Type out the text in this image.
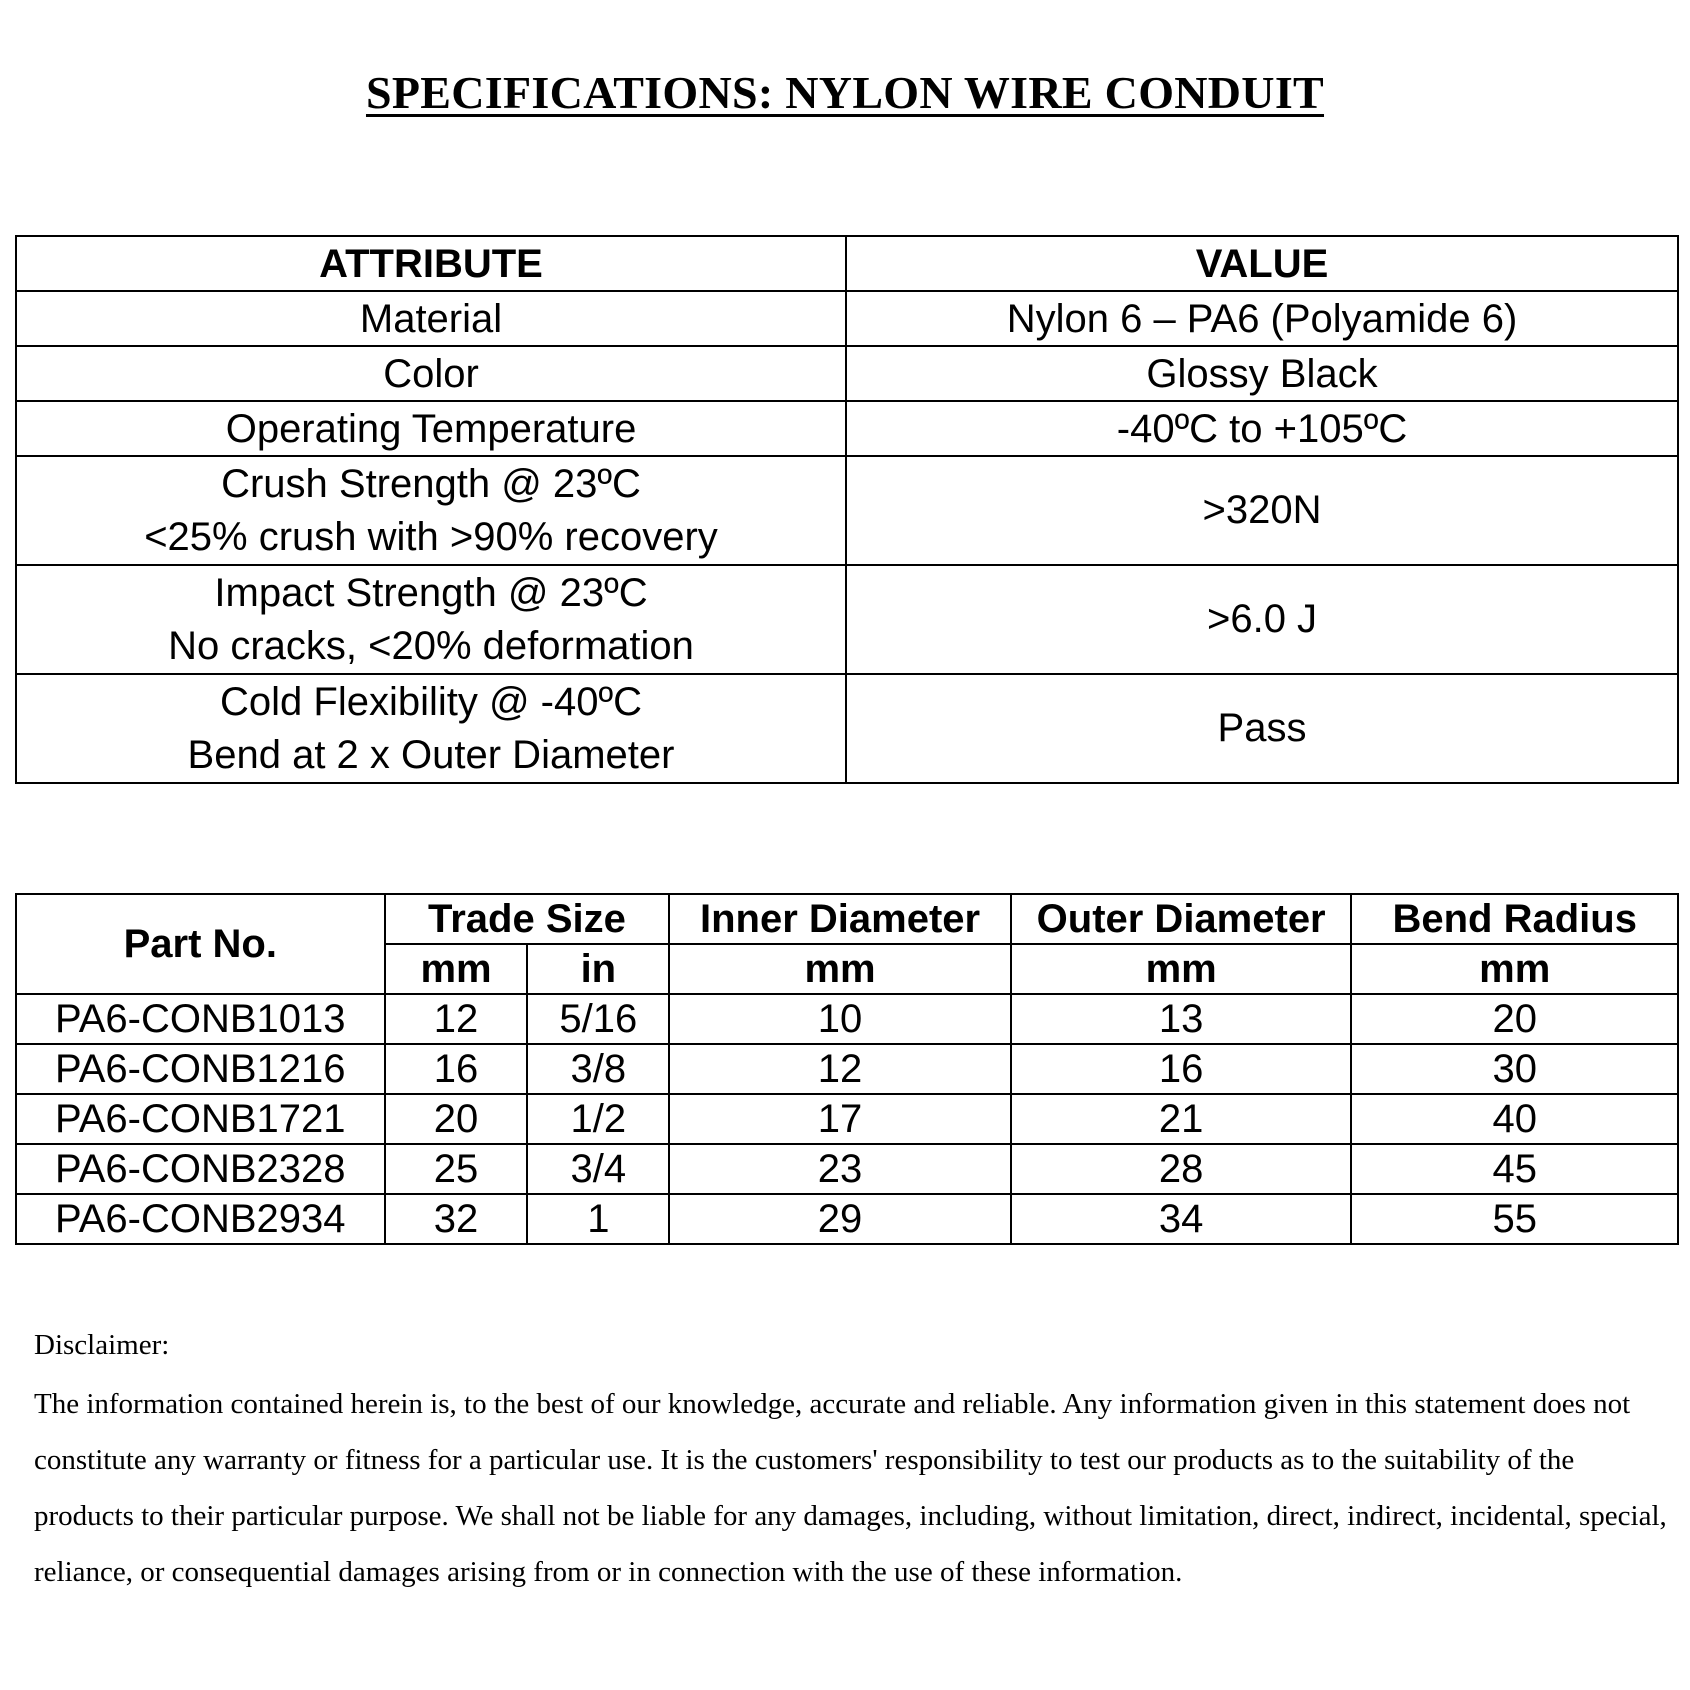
SPECIFICATIONS: NYLON WIRE CONDUIT
ATTRIBUTE	VALUE
Material	Nylon 6 – PA6 (Polyamide 6)
Color	Glossy Black
Operating Temperature	-40ºC to +105ºC

Crush Strength @ 23ºC
<25% crush with >90% recovery	>320N

Impact Strength @ 23ºC
No cracks, <20% deformation	>6.0 J

Cold Flexibility @ -40ºC
Bend at 2 x Outer Diameter	Pass
Part No.	Trade Size		Inner Diameter	Outer Diameter	Bend Radius
	mm	in	mm	mm	mm
PA6-CONB1013	12	5/16	10	13	20
PA6-CONB1216	16	3/8	12	16	30
PA6-CONB1721	20	1/2	17	21	40
PA6-CONB2328	25	3/4	23	28	45
PA6-CONB2934	32	1	29	34	55
Disclaimer:
The information contained herein is, to the best of our knowledge, accurate and reliable. Any information given in this statement does not constitute any warranty or fitness for a particular use. It is the customers' responsibility to test our products as to the suitability of the products to their particular purpose. We shall not be liable for any damages, including, without limitation, direct, indirect, incidental, special, reliance, or consequential damages arising from or in connection with the use of these information.
